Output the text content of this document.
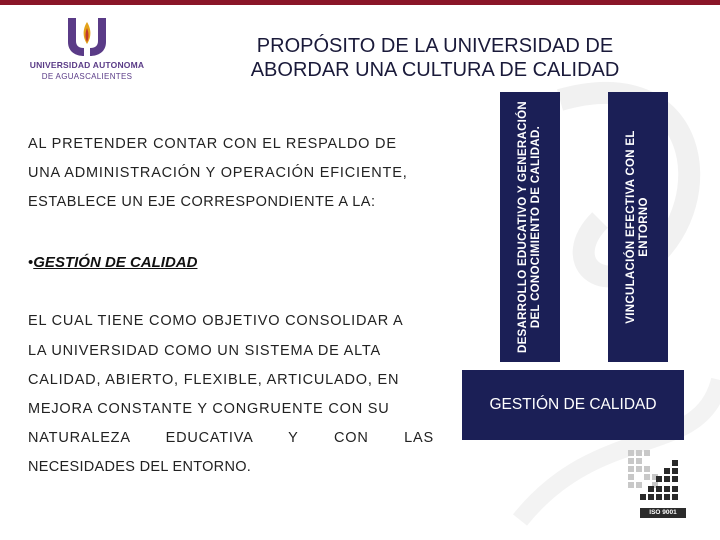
UNIVERSIDAD AUTONOMA
DE AGUASCALIENTES
PROPÓSITO DE LA UNIVERSIDAD DE ABORDAR UNA CULTURA DE CALIDAD
AL PRETENDER CONTAR CON EL RESPALDO DE
UNA ADMINISTRACIÓN Y OPERACIÓN EFICIENTE,
ESTABLECE UN EJE CORRESPONDIENTE A LA:
•GESTIÓN DE CALIDAD
EL CUAL TIENE COMO OBJETIVO CONSOLIDAR A
LA UNIVERSIDAD COMO UN SISTEMA DE ALTA
CALIDAD, ABIERTO, FLEXIBLE, ARTICULADO, EN
MEJORA CONSTANTE Y CONGRUENTE CON SU
NATURALEZA EDUCATIVA Y CON LAS
NECESIDADES DEL ENTORNO.
DESARROLLO EDUCATIVO Y GENERACIÓN DEL CONOCIMIENTO DE CALIDAD.	VINCULACIÓN EFECTIVA CON EL ENTORNO
GESTIÓN DE CALIDAD
ISO 9001
